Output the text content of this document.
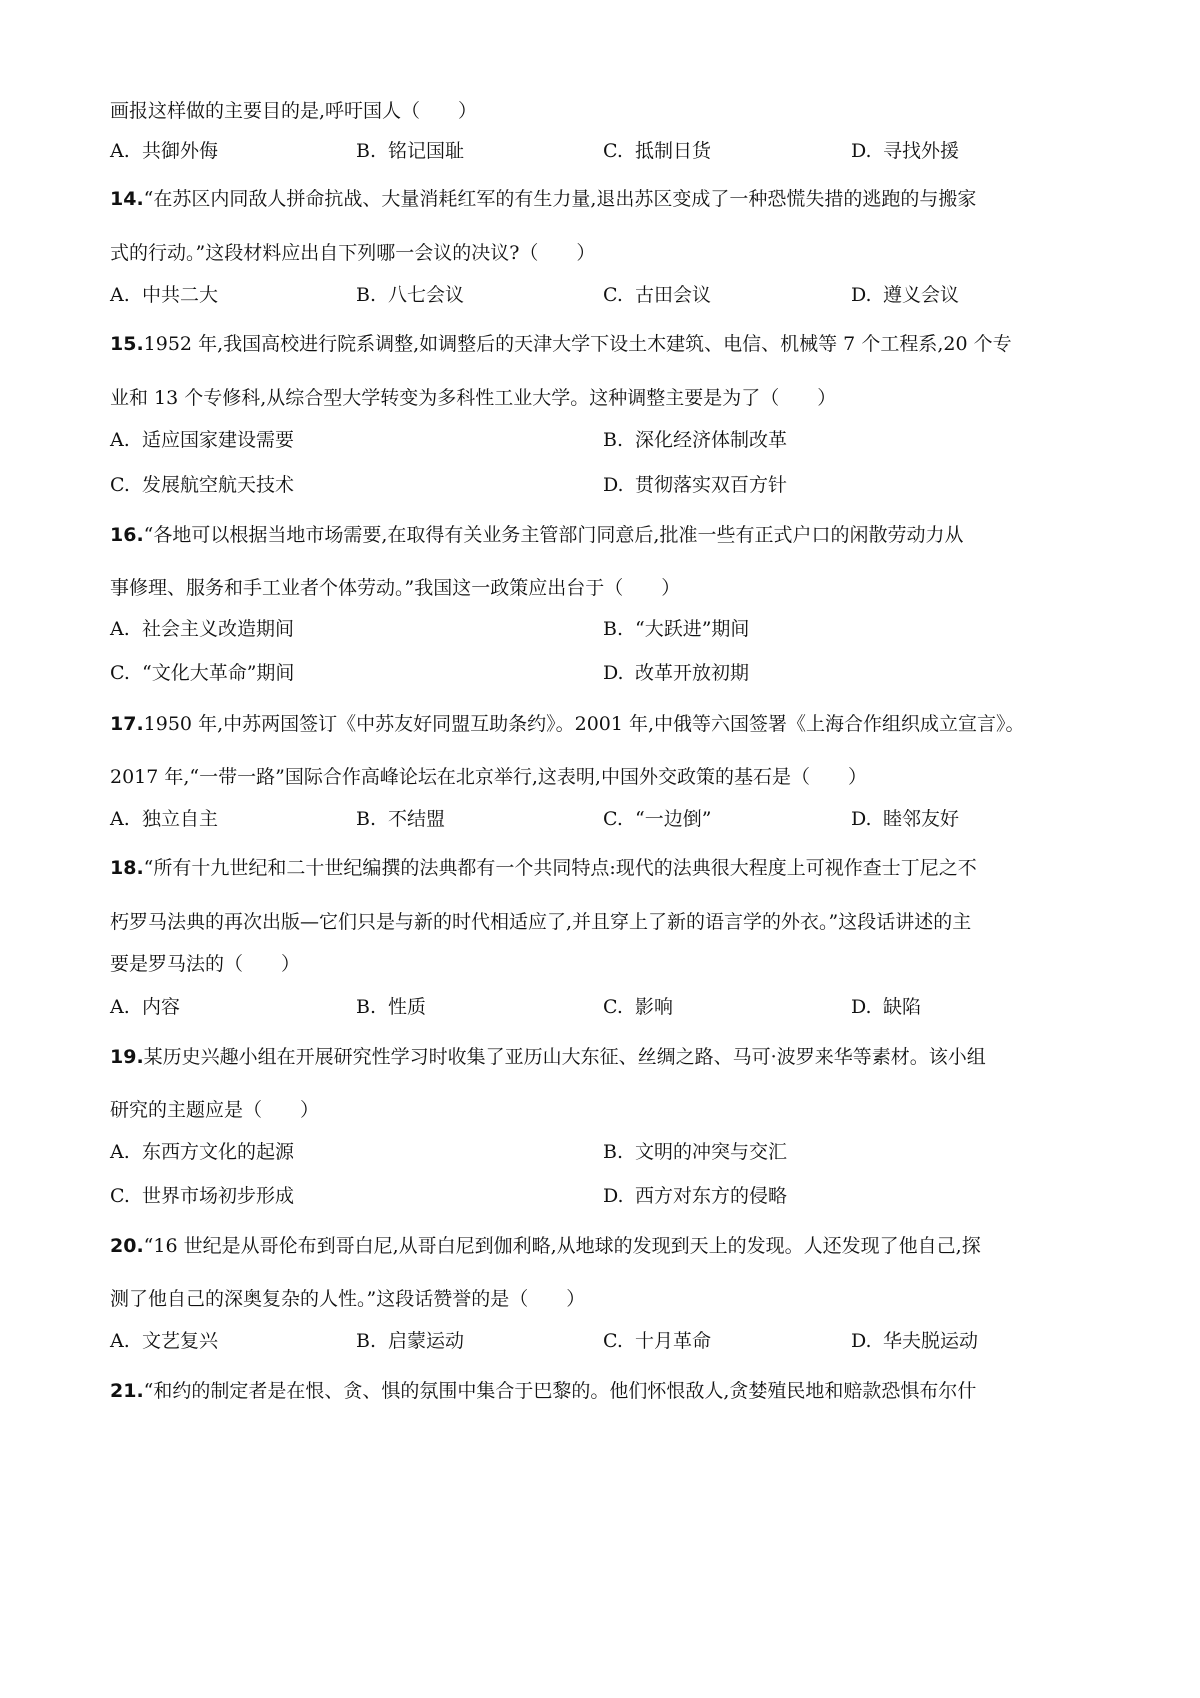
画报这样做的主要目的是,呼吁国人（　　）
A. 共御外侮	B. 铭记国耻	C. 抵制日货	D. 寻找外援
14.“在苏区内同敌人拼命抗战、大量消耗红军的有生力量,退出苏区变成了一种恐慌失措的逃跑的与搬家
式的行动。”这段材料应出自下列哪一会议的决议?（　　）
A. 中共二大	B. 八七会议	C. 古田会议	D. 遵义会议
15.1952 年,我国高校进行院系调整,如调整后的天津大学下设土木建筑、电信、机械等 7 个工程系,20 个专
业和 13 个专修科,从综合型大学转变为多科性工业大学。这种调整主要是为了（　　）
A. 适应国家建设需要	B. 深化经济体制改革
C. 发展航空航天技术	D. 贯彻落实双百方针
16.“各地可以根据当地市场需要,在取得有关业务主管部门同意后,批准一些有正式户口的闲散劳动力从
事修理、服务和手工业者个体劳动。”我国这一政策应出台于（　　）
A. 社会主义改造期间	B. “大跃进”期间
C. “文化大革命”期间	D. 改革开放初期
17.1950 年,中苏两国签订《中苏友好同盟互助条约》。2001 年,中俄等六国签署《上海合作组织成立宣言》。
2017 年,“一带一路”国际合作高峰论坛在北京举行,这表明,中国外交政策的基石是（　　）
A. 独立自主	B. 不结盟	C. “一边倒”	D. 睦邻友好
18.“所有十九世纪和二十世纪编撰的法典都有一个共同特点:现代的法典很大程度上可视作查士丁尼之不
朽罗马法典的再次出版—它们只是与新的时代相适应了,并且穿上了新的语言学的外衣。”这段话讲述的主
要是罗马法的（　　）
A. 内容	B. 性质	C. 影响	D. 缺陷
19.某历史兴趣小组在开展研究性学习时收集了亚历山大东征、丝绸之路、马可·波罗来华等素材。该小组
研究的主题应是（　　）
A. 东西方文化的起源	B. 文明的冲突与交汇
C. 世界市场初步形成	D. 西方对东方的侵略
20.“16 世纪是从哥伦布到哥白尼,从哥白尼到伽利略,从地球的发现到天上的发现。人还发现了他自己,探
测了他自己的深奥复杂的人性。”这段话赞誉的是（　　）
A. 文艺复兴	B. 启蒙运动	C. 十月革命	D. 华夫脱运动
21.“和约的制定者是在恨、贪、惧的氛围中集合于巴黎的。他们怀恨敌人,贪婪殖民地和赔款恐惧布尔什
